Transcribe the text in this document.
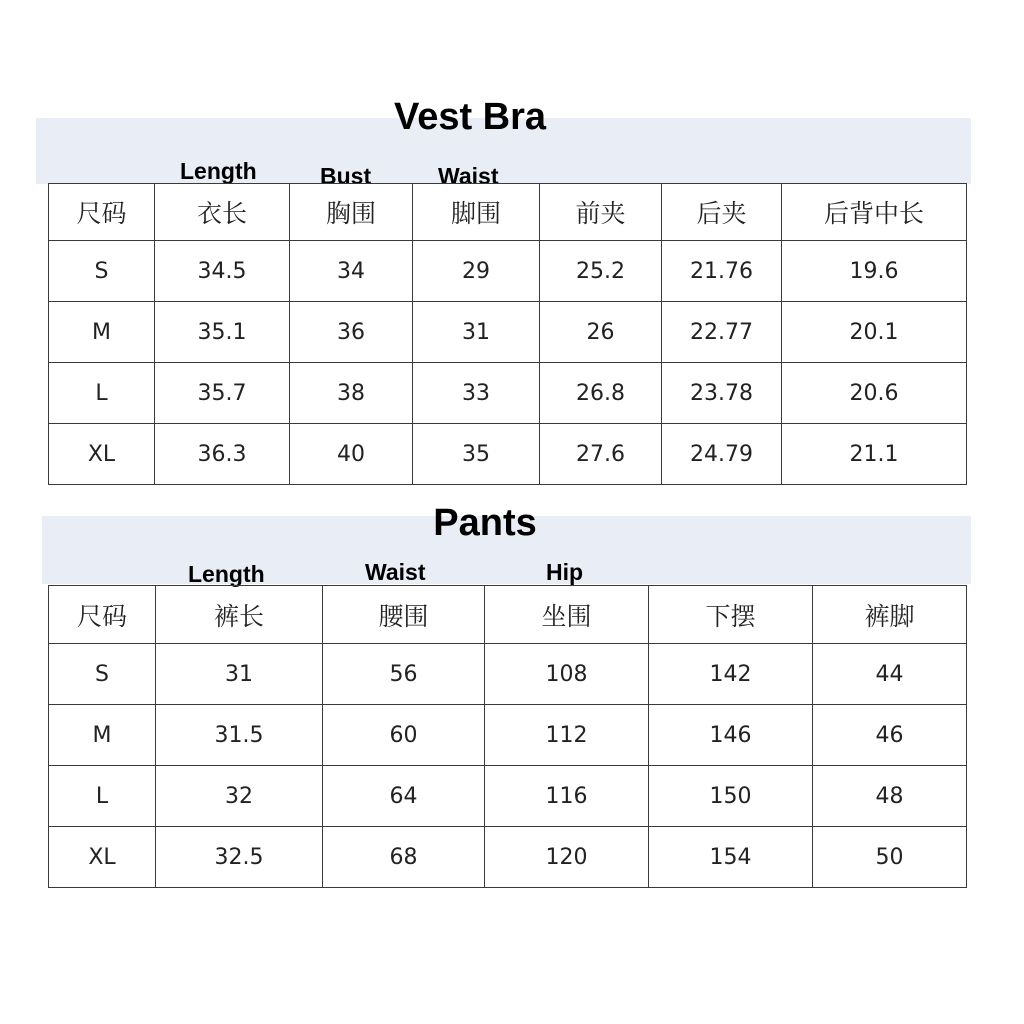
Vest Bra
Length	Bust	Waist
尺码	衣长	胸围	脚围	前夹	后夹	后背中长
S	34.5	34	29	25.2	21.76	19.6
M	35.1	36	31	26	22.77	20.1
L	35.7	38	33	26.8	23.78	20.6
XL	36.3	40	35	27.6	24.79	21.1
Pants
Length	Waist	Hip
尺码	裤长	腰围	坐围	下摆	裤脚
S	31	56	108	142	44
M	31.5	60	112	146	46
L	32	64	116	150	48
XL	32.5	68	120	154	50
